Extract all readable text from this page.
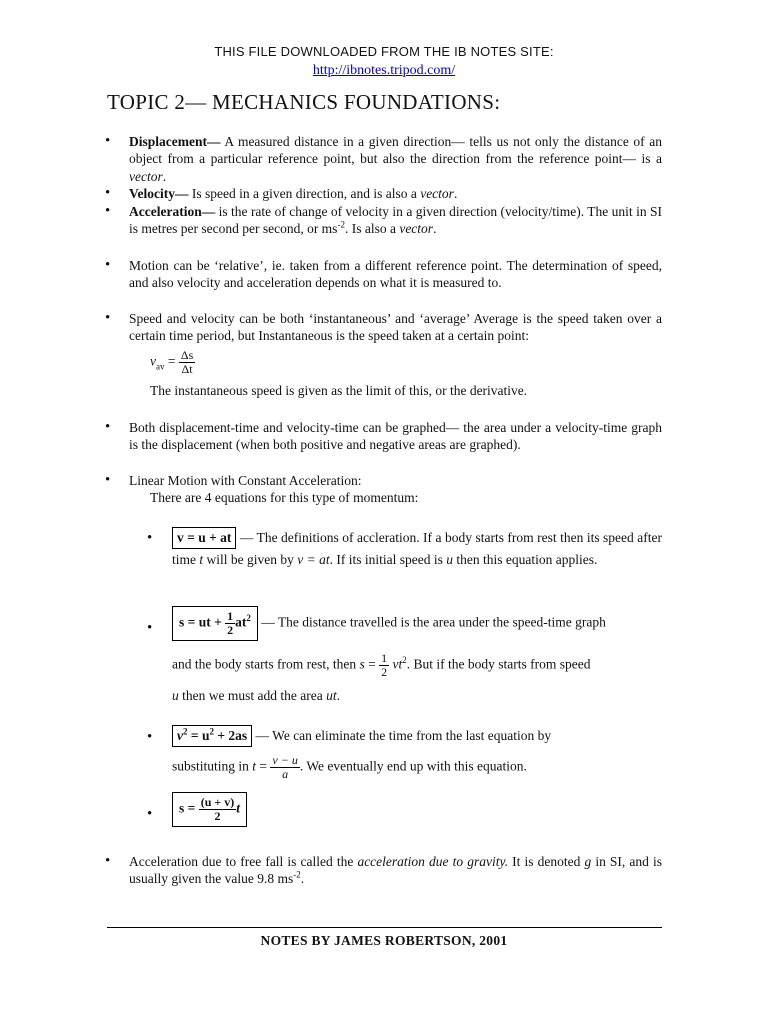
THIS FILE DOWNLOADED FROM THE IB NOTES SITE:
http://ibnotes.tripod.com/
TOPIC 2— MECHANICS FOUNDATIONS:
• Displacement— A measured distance in a given direction— tells us not only the distance of an object from a particular reference point, but also the direction from the reference point— is a vector.
• Velocity— Is speed in a given direction, and is also a vector.
• Acceleration— is the rate of change of velocity in a given direction (velocity/time). The unit in SI is metres per second per second, or $ms^{-2}$. Is also a vector.
• Motion can be ‘relative’, ie. taken from a different reference point. The determination of speed, and also velocity and acceleration depends on what it is measured to.
• Speed and velocity can be both ‘instantaneous’ and ‘average’ Average is the speed taken over a certain time period, but Instantaneous is the speed taken at a certain point:
$v_{av} = \frac{\Delta s}{\Delta t}$
The instantaneous speed is given as the limit of this, or the derivative.
• Both displacement-time and velocity-time can be graphed— the area under a velocity-time graph is the displacement (when both positive and negative areas are graphed).
• Linear Motion with Constant Acceleration:
There are 4 equations for this type of momentum:
•	v = u + at — The definitions of accleration. If a body starts from rest then its speed after time t will be given by v = at. If its initial speed is u then this equation applies.
•	s = ut + $\frac{1}{2} at^2$ — The distance travelled is the area under the speed-time graph
and the body starts from rest, then $s = \frac{1}{2} vt^2$. But if the body starts from speed
u then we must add the area ut.
•	$v^2 = u^2 + 2as$ — We can eliminate the time from the last equation by
substituting in $t = \frac{v - u}{a}$ . We eventually end up with this equation.
•	$s = \frac{(u + v)}{2}$ t
• Acceleration due to free fall is called the acceleration due to gravity. It is denoted g in SI, and is usually given the value 9.8 $ms^{-2}$.
NOTES BY JAMES ROBERTSON, 2001
